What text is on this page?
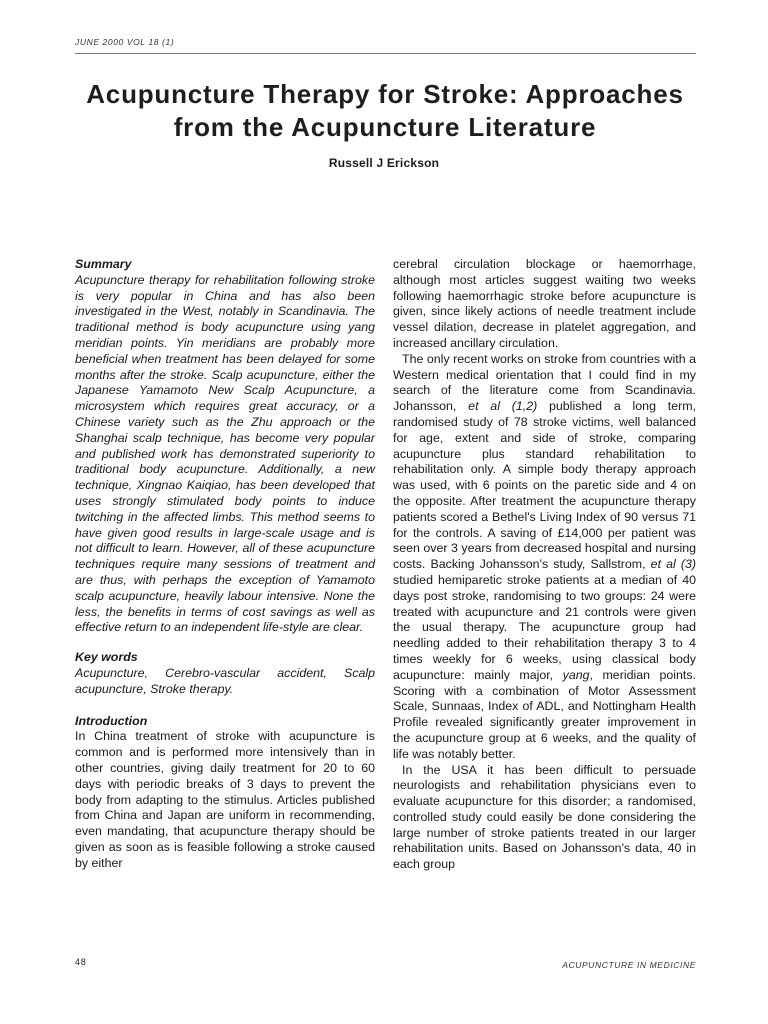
JUNE 2000 VOL 18 (1)
Acupuncture Therapy for Stroke: Approaches
from the Acupuncture Literature
Russell J Erickson

Summary

Acupuncture therapy for rehabilitation following stroke is very popular in China and has also been investigated in the West, notably in Scandinavia. The traditional method is body acupuncture using yang meridian points. Yin meridians are probably more beneficial when treatment has been delayed for some months after the stroke. Scalp acupuncture, either the Japanese Yamamoto New Scalp Acupuncture, a microsystem which requires great accuracy, or a Chinese variety such as the Zhu approach or the Shanghai scalp technique, has become very popular and published work has demonstrated superiority to traditional body acupuncture. Additionally, a new technique, Xingnao Kaiqiao, has been developed that uses strongly stimulated body points to induce twitching in the affected limbs. This method seems to have given good results in large-scale usage and is not difficult to learn. However, all of these acupuncture techniques require many sessions of treatment and are thus, with perhaps the exception of Yamamoto scalp acupuncture, heavily labour intensive. None the less, the benefits in terms of cost savings as well as effective return to an independent life-style are clear.

Key words

Acupuncture, Cerebro-vascular accident, Scalp acupuncture, Stroke therapy.

Introduction

In China treatment of stroke with acupuncture is common and is performed more intensively than in other countries, giving daily treatment for 20 to 60 days with periodic breaks of 3 days to prevent the body from adapting to the stimulus. Articles published from China and Japan are uniform in recommending, even mandating, that acupuncture therapy should be given as soon as is feasible following a stroke caused by either

cerebral circulation blockage or haemorrhage, although most articles suggest waiting two weeks following haemorrhagic stroke before acupuncture is given, since likely actions of needle treatment include vessel dilation, decrease in platelet aggregation, and increased ancillary circulation.

The only recent works on stroke from countries with a Western medical orientation that I could find in my search of the literature come from Scandinavia. Johansson, et al (1,2) published a long term, randomised study of 78 stroke victims, well balanced for age, extent and side of stroke, comparing acupuncture plus standard rehabilitation to rehabilitation only. A simple body therapy approach was used, with 6 points on the paretic side and 4 on the opposite. After treatment the acupuncture therapy patients scored a Bethel's Living Index of 90 versus 71 for the controls. A saving of £14,000 per patient was seen over 3 years from decreased hospital and nursing costs. Backing Johansson's study, Sallstrom, et al (3) studied hemiparetic stroke patients at a median of 40 days post stroke, randomising to two groups: 24 were treated with acupuncture and 21 controls were given the usual therapy. The acupuncture group had needling added to their rehabilitation therapy 3 to 4 times weekly for 6 weeks, using classical body acupuncture: mainly major, yang, meridian points. Scoring with a combination of Motor Assessment Scale, Sunnaas, Index of ADL, and Nottingham Health Profile revealed significantly greater improvement in the acupuncture group at 6 weeks, and the quality of life was notably better.

In the USA it has been difficult to persuade neurologists and rehabilitation physicians even to evaluate acupuncture for this disorder; a randomised, controlled study could easily be done considering the large number of stroke patients treated in our larger rehabilitation units. Based on Johansson's data, 40 in each group

48	ACUPUNCTURE IN MEDICINE
